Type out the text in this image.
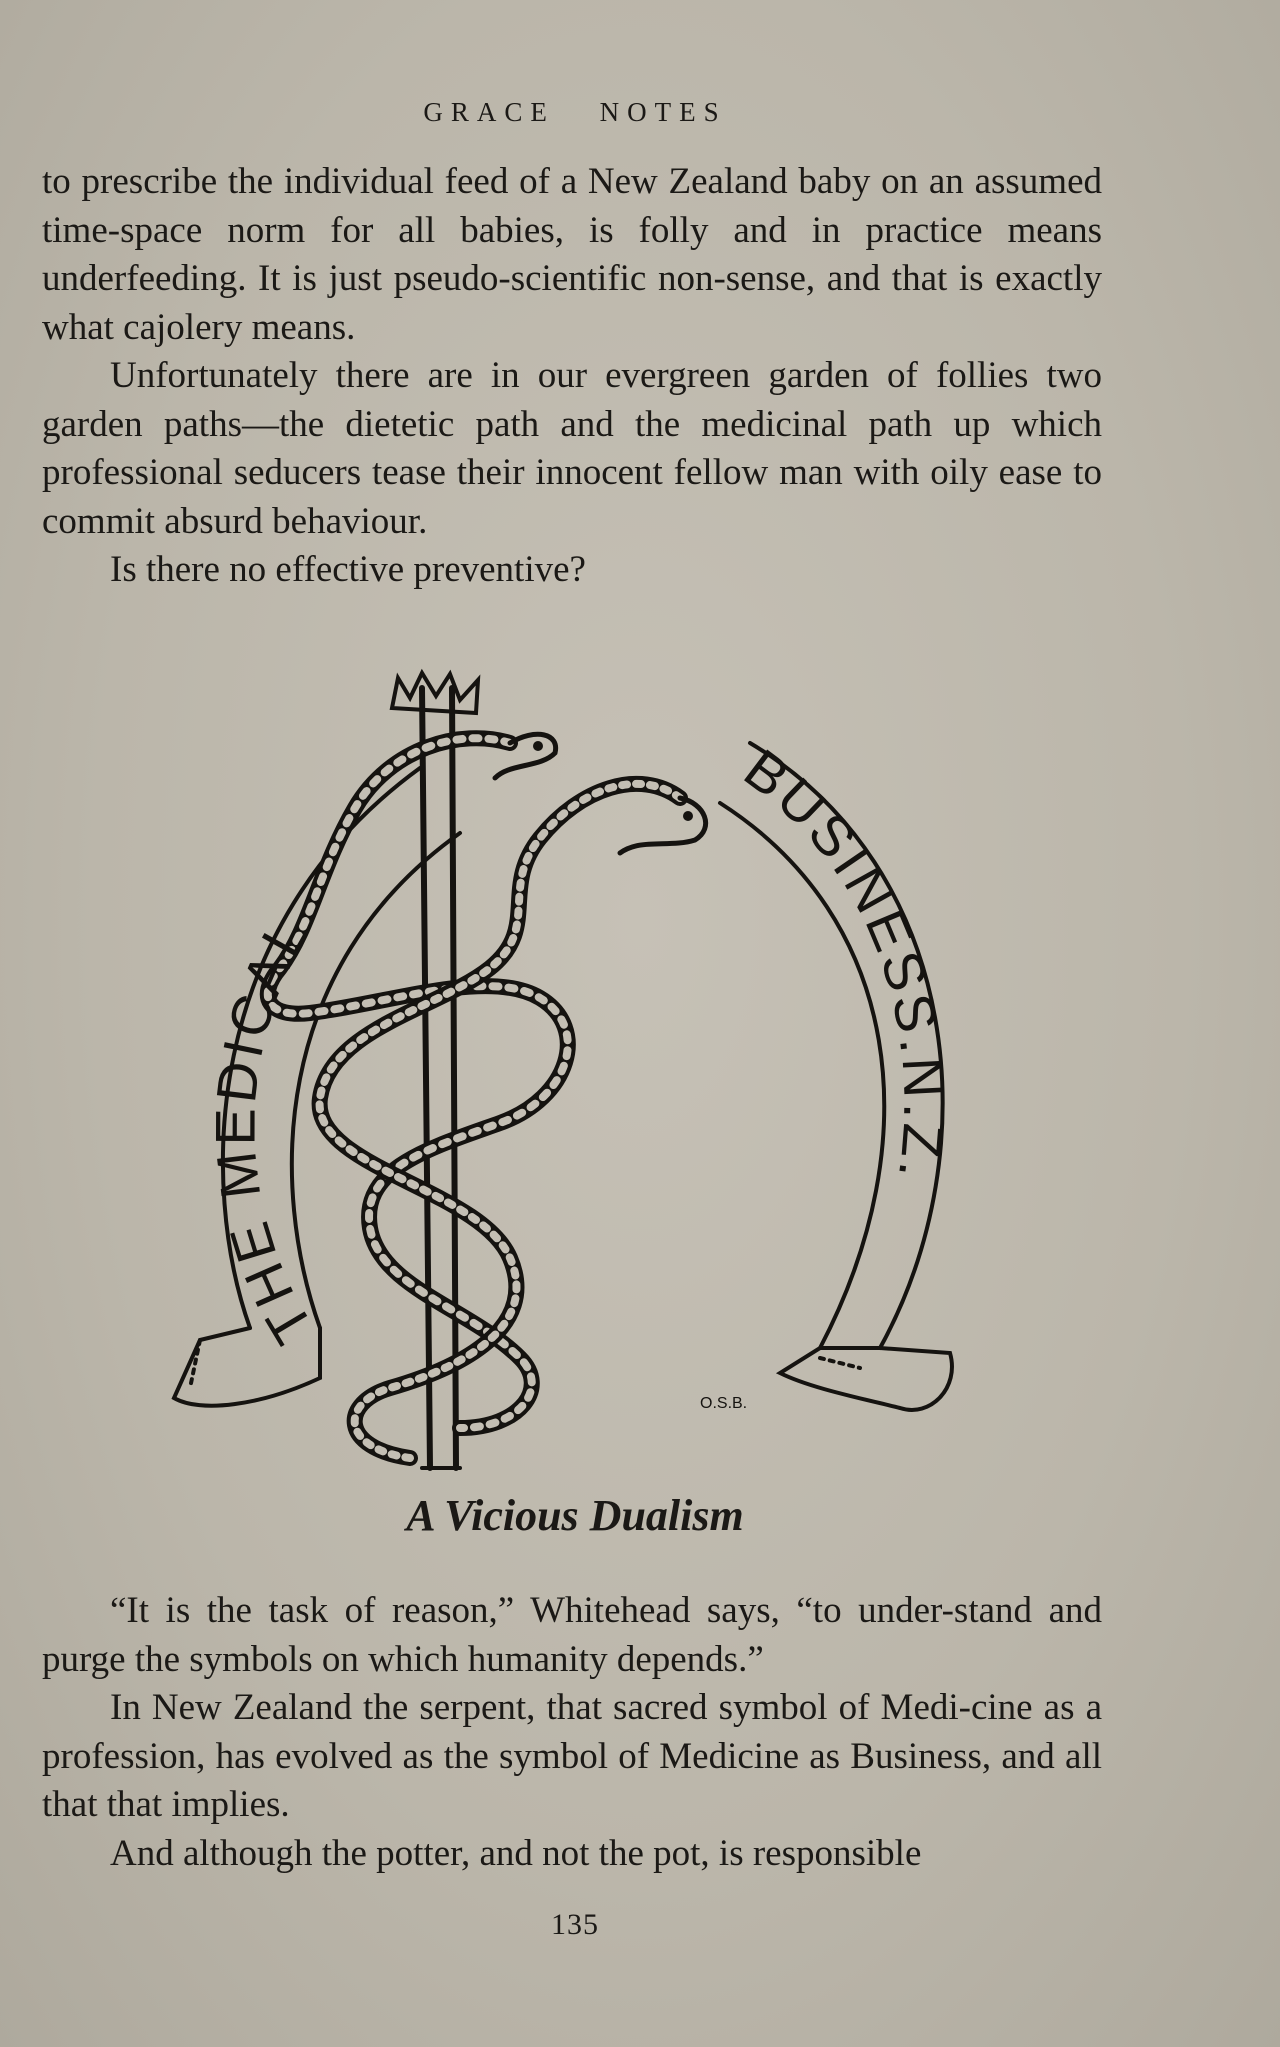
GRACE NOTES

to prescribe the individual feed of a New Zealand baby on an assumed time-space norm for all babies, is folly and in practice means underfeeding. It is just pseudo-scientific non-sense, and that is exactly what cajolery means.

Unfortunately there are in our evergreen garden of follies two garden paths—the dietetic path and the medicinal path up which professional seducers tease their innocent fellow man with oily ease to commit absurd behaviour.

Is there no effective preventive?

THE MEDICAL
BUSINESS.N.Z.
O.S.B.
A Vicious Dualism

“It is the task of reason,” Whitehead says, “to under-stand and purge the symbols on which humanity depends.”

In New Zealand the serpent, that sacred symbol of Medi-cine as a profession, has evolved as the symbol of Medicine as Business, and all that that implies.

And although the potter, and not the pot, is responsible

135
